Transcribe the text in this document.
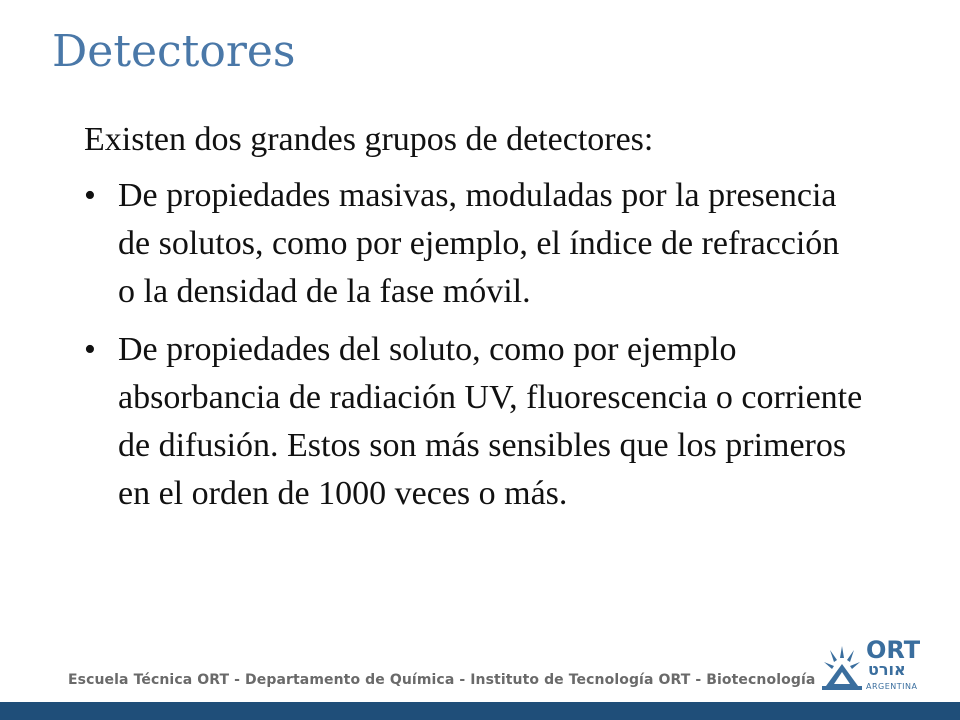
Detectores

Existen dos grandes grupos de detectores:

• De propiedades masivas, moduladas por la presencia de solutos, como por ejemplo, el índice de refracción o la densidad de la fase móvil.
• De propiedades del soluto, como por ejemplo absorbancia de radiación UV, fluorescencia o corriente de difusión. Estos son más sensibles que los primeros en el orden de 1000 veces o más.
Escuela Técnica ORT - Departamento de Química - Instituto de Tecnología ORT - Biotecnología
ORT
אורט
ARGENTINA
